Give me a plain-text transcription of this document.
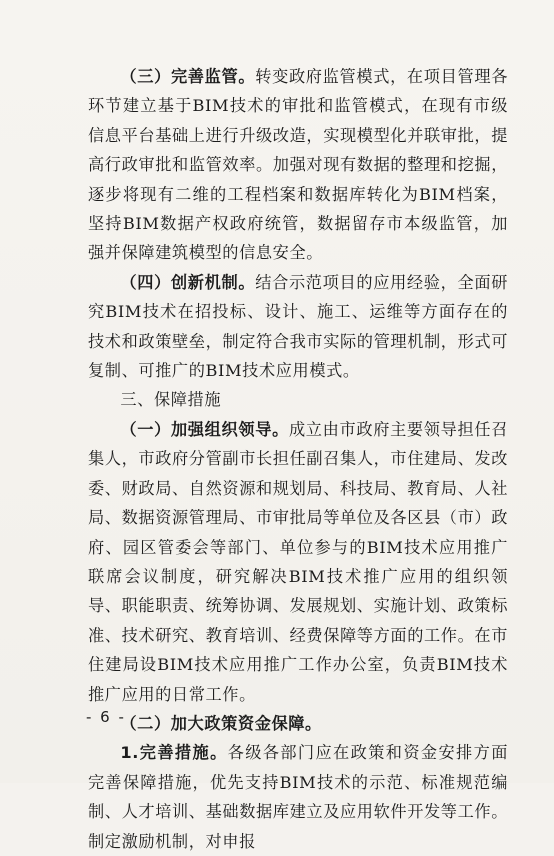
（三）完善监管。转变政府监管模式，在项目管理各环节建立基于BIM技术的审批和监管模式，在现有市级信息平台基础上进行升级改造，实现模型化并联审批，提高行政审批和监管效率。加强对现有数据的整理和挖掘，逐步将现有二维的工程档案和数据库转化为BIM档案，坚持BIM数据产权政府统管，数据留存市本级监管，加强并保障建筑模型的信息安全。

（四）创新机制。结合示范项目的应用经验，全面研究BIM技术在招投标、设计、施工、运维等方面存在的技术和政策壁垒，制定符合我市实际的管理机制，形式可复制、可推广的BIM技术应用模式。

三、保障措施

（一）加强组织领导。成立由市政府主要领导担任召集人，市政府分管副市长担任副召集人，市住建局、发改委、财政局、自然资源和规划局、科技局、教育局、人社局、数据资源管理局、市审批局等单位及各区县（市）政府、园区管委会等部门、单位参与的BIM技术应用推广联席会议制度，研究解决BIM技术推广应用的组织领导、职能职责、统筹协调、发展规划、实施计划、政策标准、技术研究、教育培训、经费保障等方面的工作。在市住建局设BIM技术应用推广工作办公室，负责BIM技术推广应用的日常工作。

（二）加大政策资金保障。

1.完善措施。各级各部门应在政策和资金安排方面完善保障措施，优先支持BIM技术的示范、标准规范编制、人才培训、基础数据库建立及应用软件开发等工作。制定激励机制，对申报

- 6 -
